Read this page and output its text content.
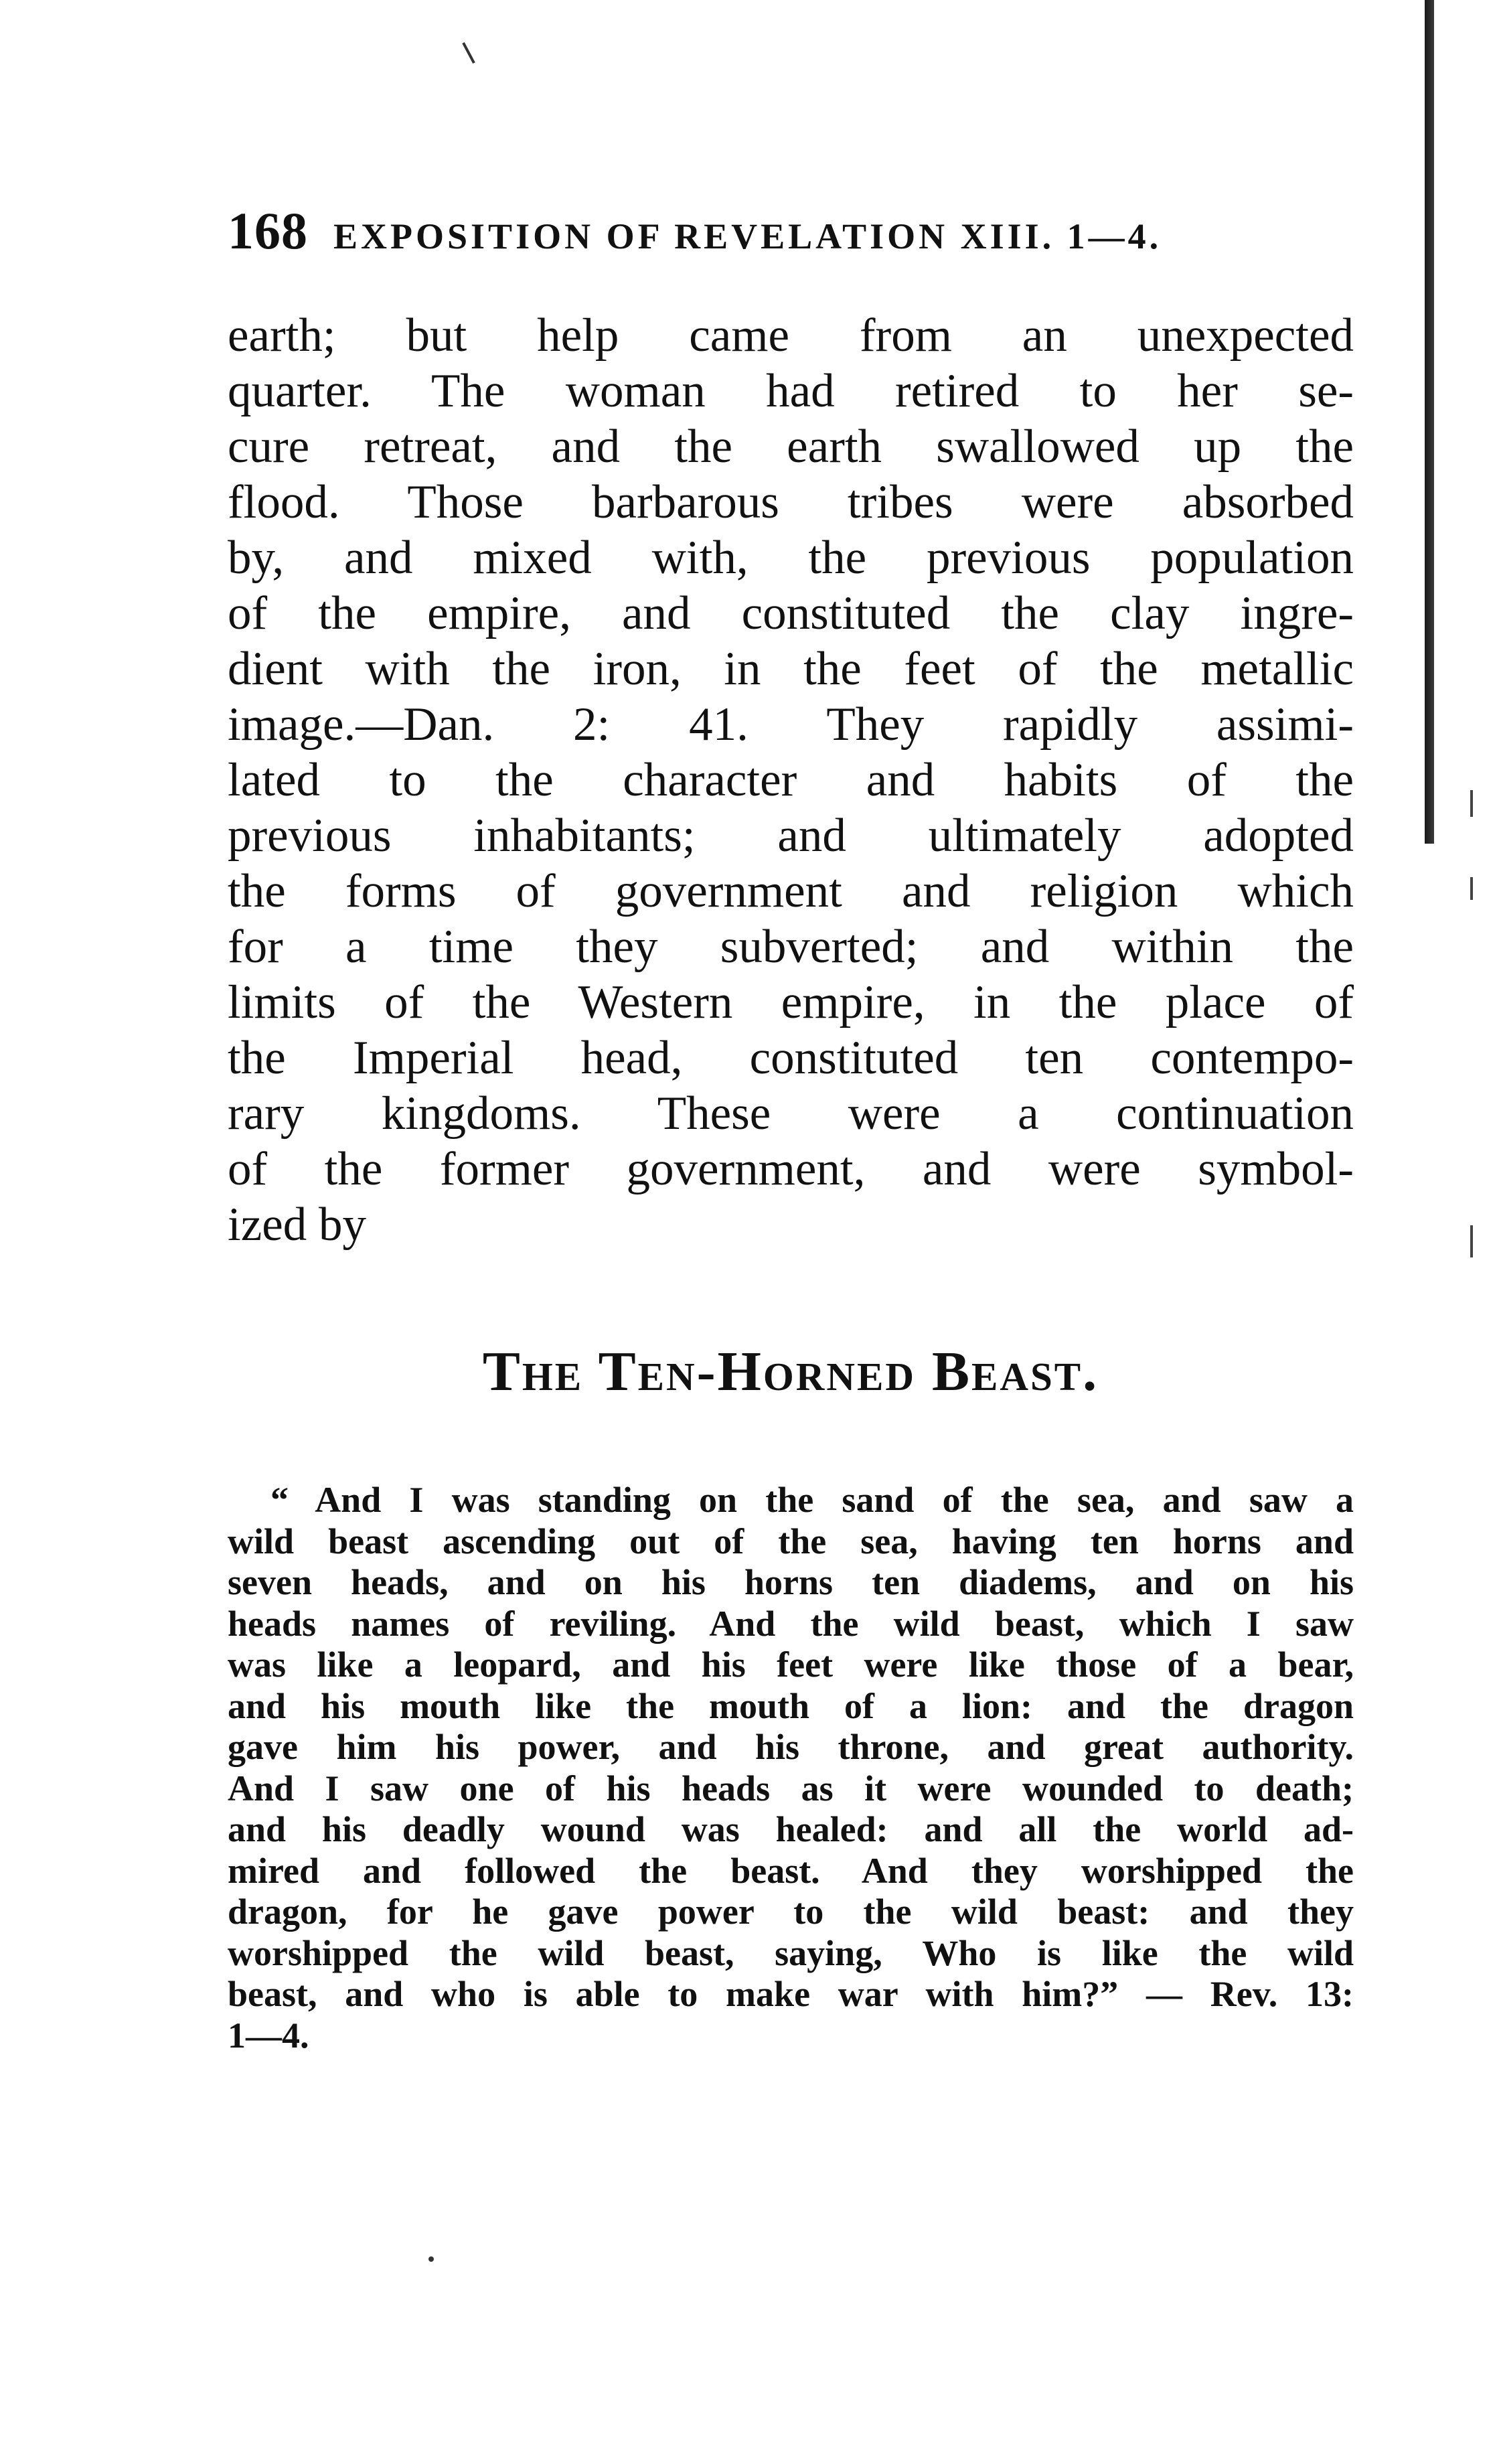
168 EXPOSITION OF REVELATION XIII. 1—4.
earth; but help came from an unexpected
quarter. The woman had retired to her se-
cure retreat, and the earth swallowed up the
flood. Those barbarous tribes were absorbed
by, and mixed with, the previous population
of the empire, and constituted the clay ingre-
dient with the iron, in the feet of the metallic
image.—Dan. 2: 41. They rapidly assimi-
lated to the character and habits of the
previous inhabitants; and ultimately adopted
the forms of government and religion which
for a time they subverted; and within the
limits of the Western empire, in the place of
the Imperial head, constituted ten contempo-
rary kingdoms. These were a continuation
of the former government, and were symbol-
ized by
The Ten-Horned Beast.
“ And I was standing on the sand of the sea, and saw a
wild beast ascending out of the sea, having ten horns and
seven heads, and on his horns ten diadems, and on his
heads names of reviling. And the wild beast, which I saw
was like a leopard, and his feet were like those of a bear,
and his mouth like the mouth of a lion: and the dragon
gave him his power, and his throne, and great authority.
And I saw one of his heads as it were wounded to death;
and his deadly wound was healed: and all the world ad-
mired and followed the beast. And they worshipped the
dragon, for he gave power to the wild beast: and they
worshipped the wild beast, saying, Who is like the wild
beast, and who is able to make war with him?” — Rev. 13:
1—4.
